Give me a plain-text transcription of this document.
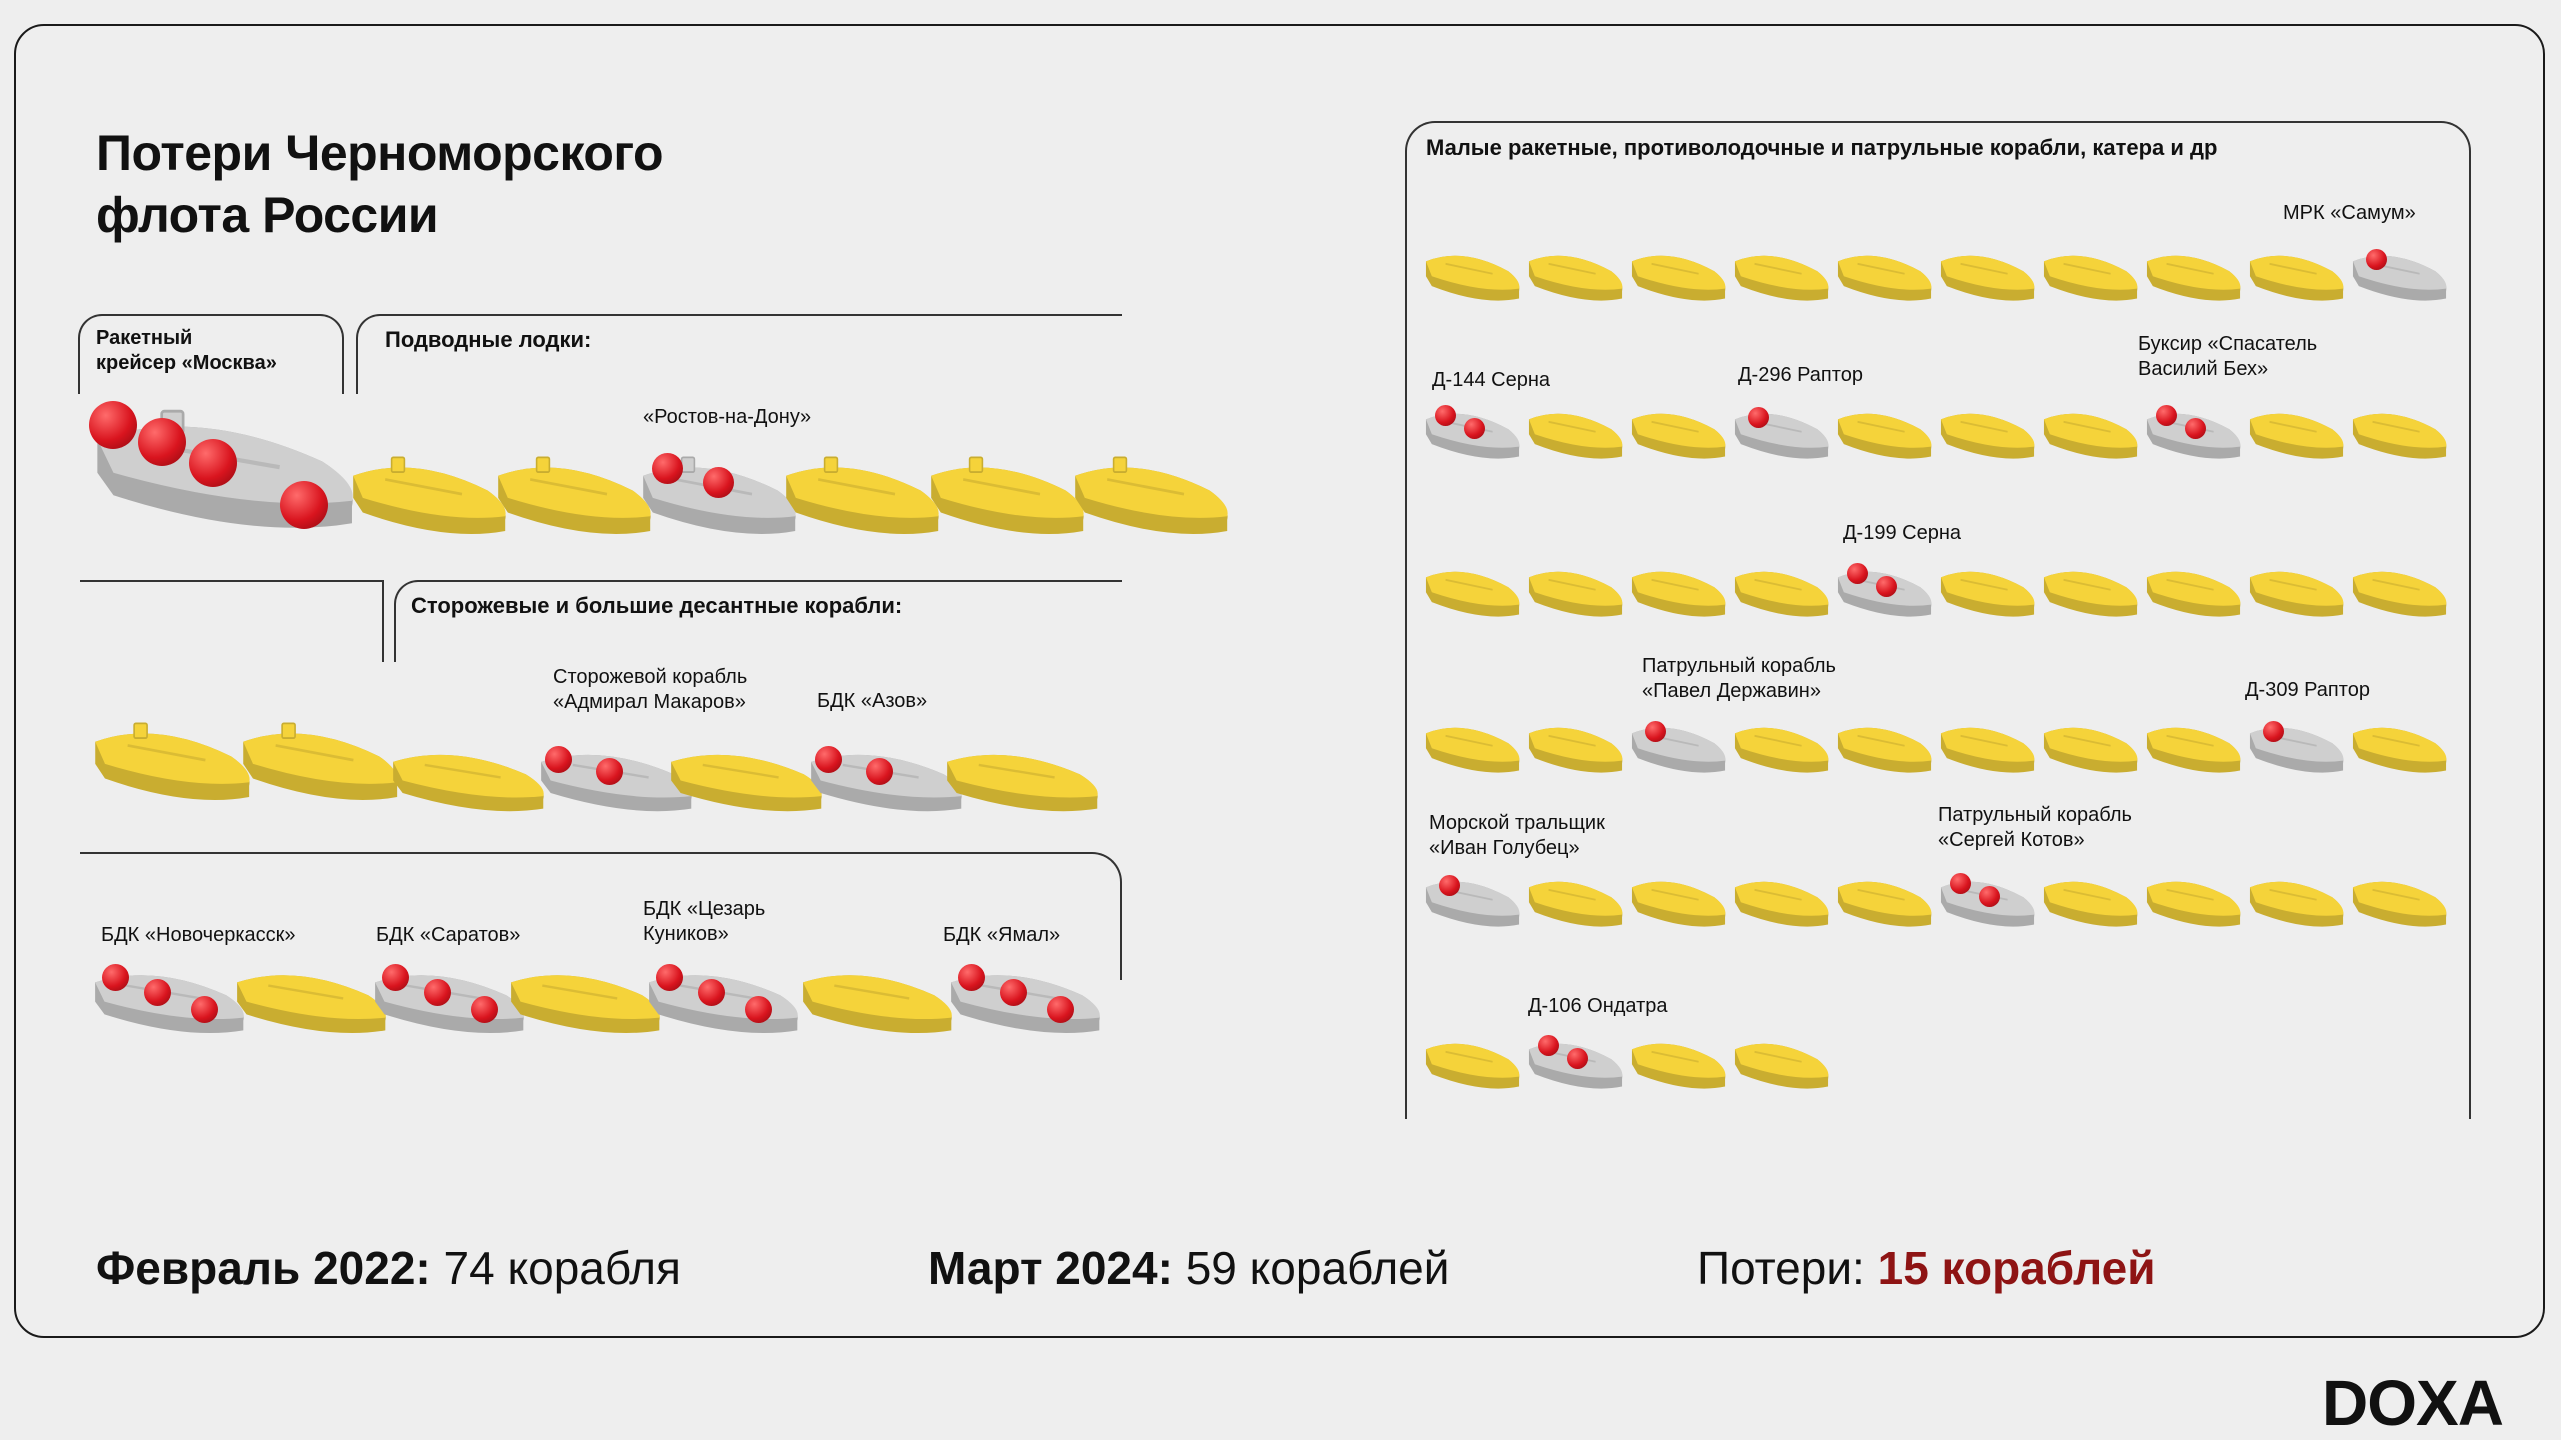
Потери Черноморского
флота России
Ракетный
крейсер «Москва»
Подводные лодки:
Сторожевые и большие десантные корабли:
Малые ракетные, противолодочные и патрульные корабли, катера и др
«Ростов-на-Дону»
Сторожевой корабль
«Адмирал Макаров»	БДК «Азов»
БДК «Новочеркасск»	БДК «Саратов»
БДК «Цезарь
Куников»	БДК «Ямал»
МРК «Самум»
Д-144 Серна	Д-296 Раптор
Буксир «Спасатель
Василий Бех»
Д-199 Серна
Патрульный корабль
«Павел Державин»	Д-309 Раптор
Морской тральщик
«Иван Голубец»
Патрульный корабль
«Сергей Котов»
Д-106 Ондатра
Февраль 2022: 74 корабля	Март 2024: 59 кораблей	Потери: 15 кораблей
DOXA
